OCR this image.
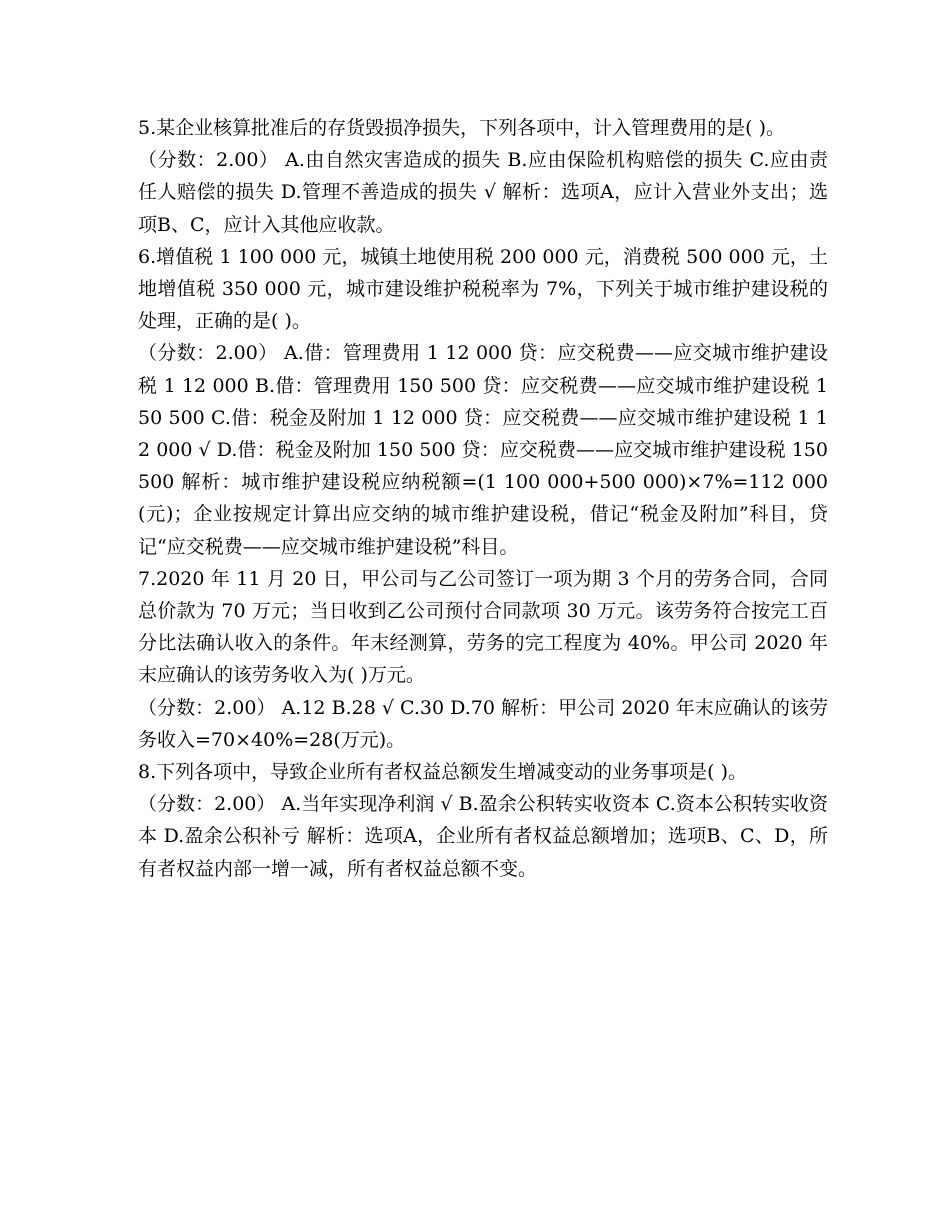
5.某企业核算批准后的存货毁损净损失，下列各项中，计入管理费用的是( )。

（分数：2.00） A.由自然灾害造成的损失 B.应由保险机构赔偿的损失 C.应由责任人赔偿的损失 D.管理不善造成的损失 √ 解析：选项A，应计入营业外支出；选项B、C，应计入其他应收款。

6.增值税 1 100 000 元，城镇土地使用税 200 000 元，消费税 500 000 元，土地增值税 350 000 元，城市建设维护税税率为 7%，下列关于城市维护建设税的处理，正确的是( )。

（分数：2.00） A.借：管理费用 1 12 000 贷：应交税费——应交城市维护建设税 1 12 000 B.借：管理费用 150 500 贷：应交税费——应交城市维护建设税 150 500 C.借：税金及附加 1 12 000 贷：应交税费——应交城市维护建设税 1 12 000 √ D.借：税金及附加 150 500 贷：应交税费——应交城市维护建设税 150 500 解析：城市维护建设税应纳税额=(1 100 000+500 000)×7%=112 000(元)；企业按规定计算出应交纳的城市维护建设税，借记“税金及附加”科目，贷记“应交税费——应交城市维护建设税”科目。

7.2020 年 11 月 20 日，甲公司与乙公司签订一项为期 3 个月的劳务合同，合同总价款为 70 万元；当日收到乙公司预付合同款项 30 万元。该劳务符合按完工百分比法确认收入的条件。年末经测算，劳务的完工程度为 40%。甲公司 2020 年末应确认的该劳务收入为( )万元。

（分数：2.00） A.12 B.28 √ C.30 D.70 解析：甲公司 2020 年末应确认的该劳务收入=70×40%=28(万元)。

8.下列各项中，导致企业所有者权益总额发生增减变动的业务事项是( )。

（分数：2.00） A.当年实现净利润 √ B.盈余公积转实收资本 C.资本公积转实收资本 D.盈余公积补亏 解析：选项A，企业所有者权益总额增加；选项B、C、D，所有者权益内部一增一减，所有者权益总额不变。
